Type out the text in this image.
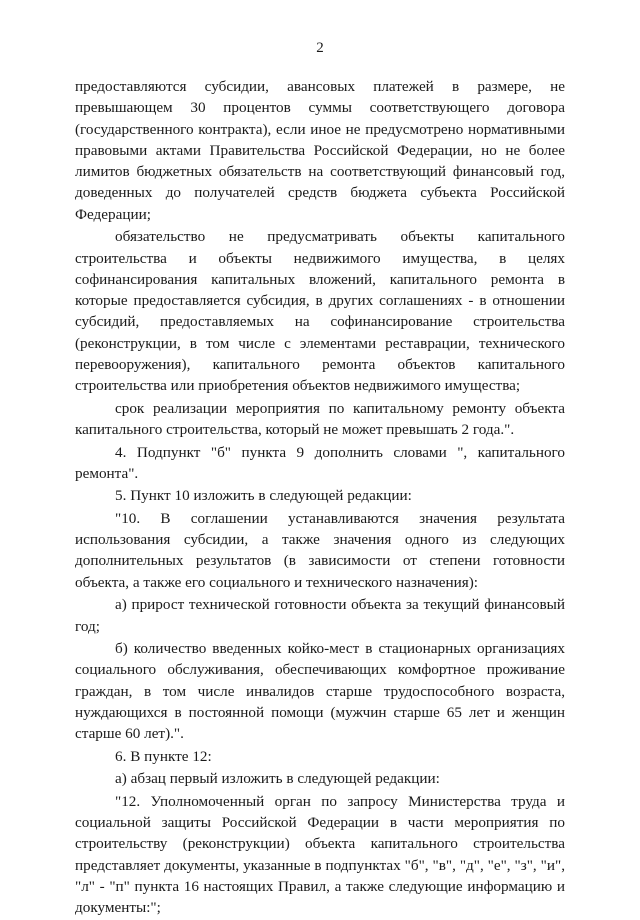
2

предоставляются субсидии, авансовых платежей в размере, не превышающем 30 процентов суммы соответствующего договора (государственного контракта), если иное не предусмотрено нормативными правовыми актами Правительства Российской Федерации, но не более лимитов бюджетных обязательств на соответствующий финансовый год, доведенных до получателей средств бюджета субъекта Российской Федерации;

обязательство не предусматривать объекты капитального строительства и объекты недвижимого имущества, в целях софинансирования капитальных вложений, капитального ремонта в которые предоставляется субсидия, в других соглашениях - в отношении субсидий, предоставляемых на софинансирование строительства (реконструкции, в том числе с элементами реставрации, технического перевооружения), капитального ремонта объектов капитального строительства или приобретения объектов недвижимого имущества;

срок реализации мероприятия по капитальному ремонту объекта капитального строительства, который не может превышать 2 года.".

4. Подпункт "б" пункта 9 дополнить словами ", капитального ремонта".

5. Пункт 10 изложить в следующей редакции:

"10. В соглашении устанавливаются значения результата использования субсидии, а также значения одного из следующих дополнительных результатов (в зависимости от степени готовности объекта, а также его социального и технического назначения):

а) прирост технической готовности объекта за текущий финансовый год;

б) количество введенных койко-мест в стационарных организациях социального обслуживания, обеспечивающих комфортное проживание граждан, в том числе инвалидов старше трудоспособного возраста, нуждающихся в постоянной помощи (мужчин старше 65 лет и женщин старше 60 лет).".

6. В пункте 12:

а) абзац первый изложить в следующей редакции:

"12. Уполномоченный орган по запросу Министерства труда и социальной защиты Российской Федерации в части мероприятия по строительству (реконструкции) объекта капитального строительства представляет документы, указанные в подпунктах "б", "в", "д", "е", "з", "и", "л" - "п" пункта 16 настоящих Правил, а также следующие информацию и документы:";
